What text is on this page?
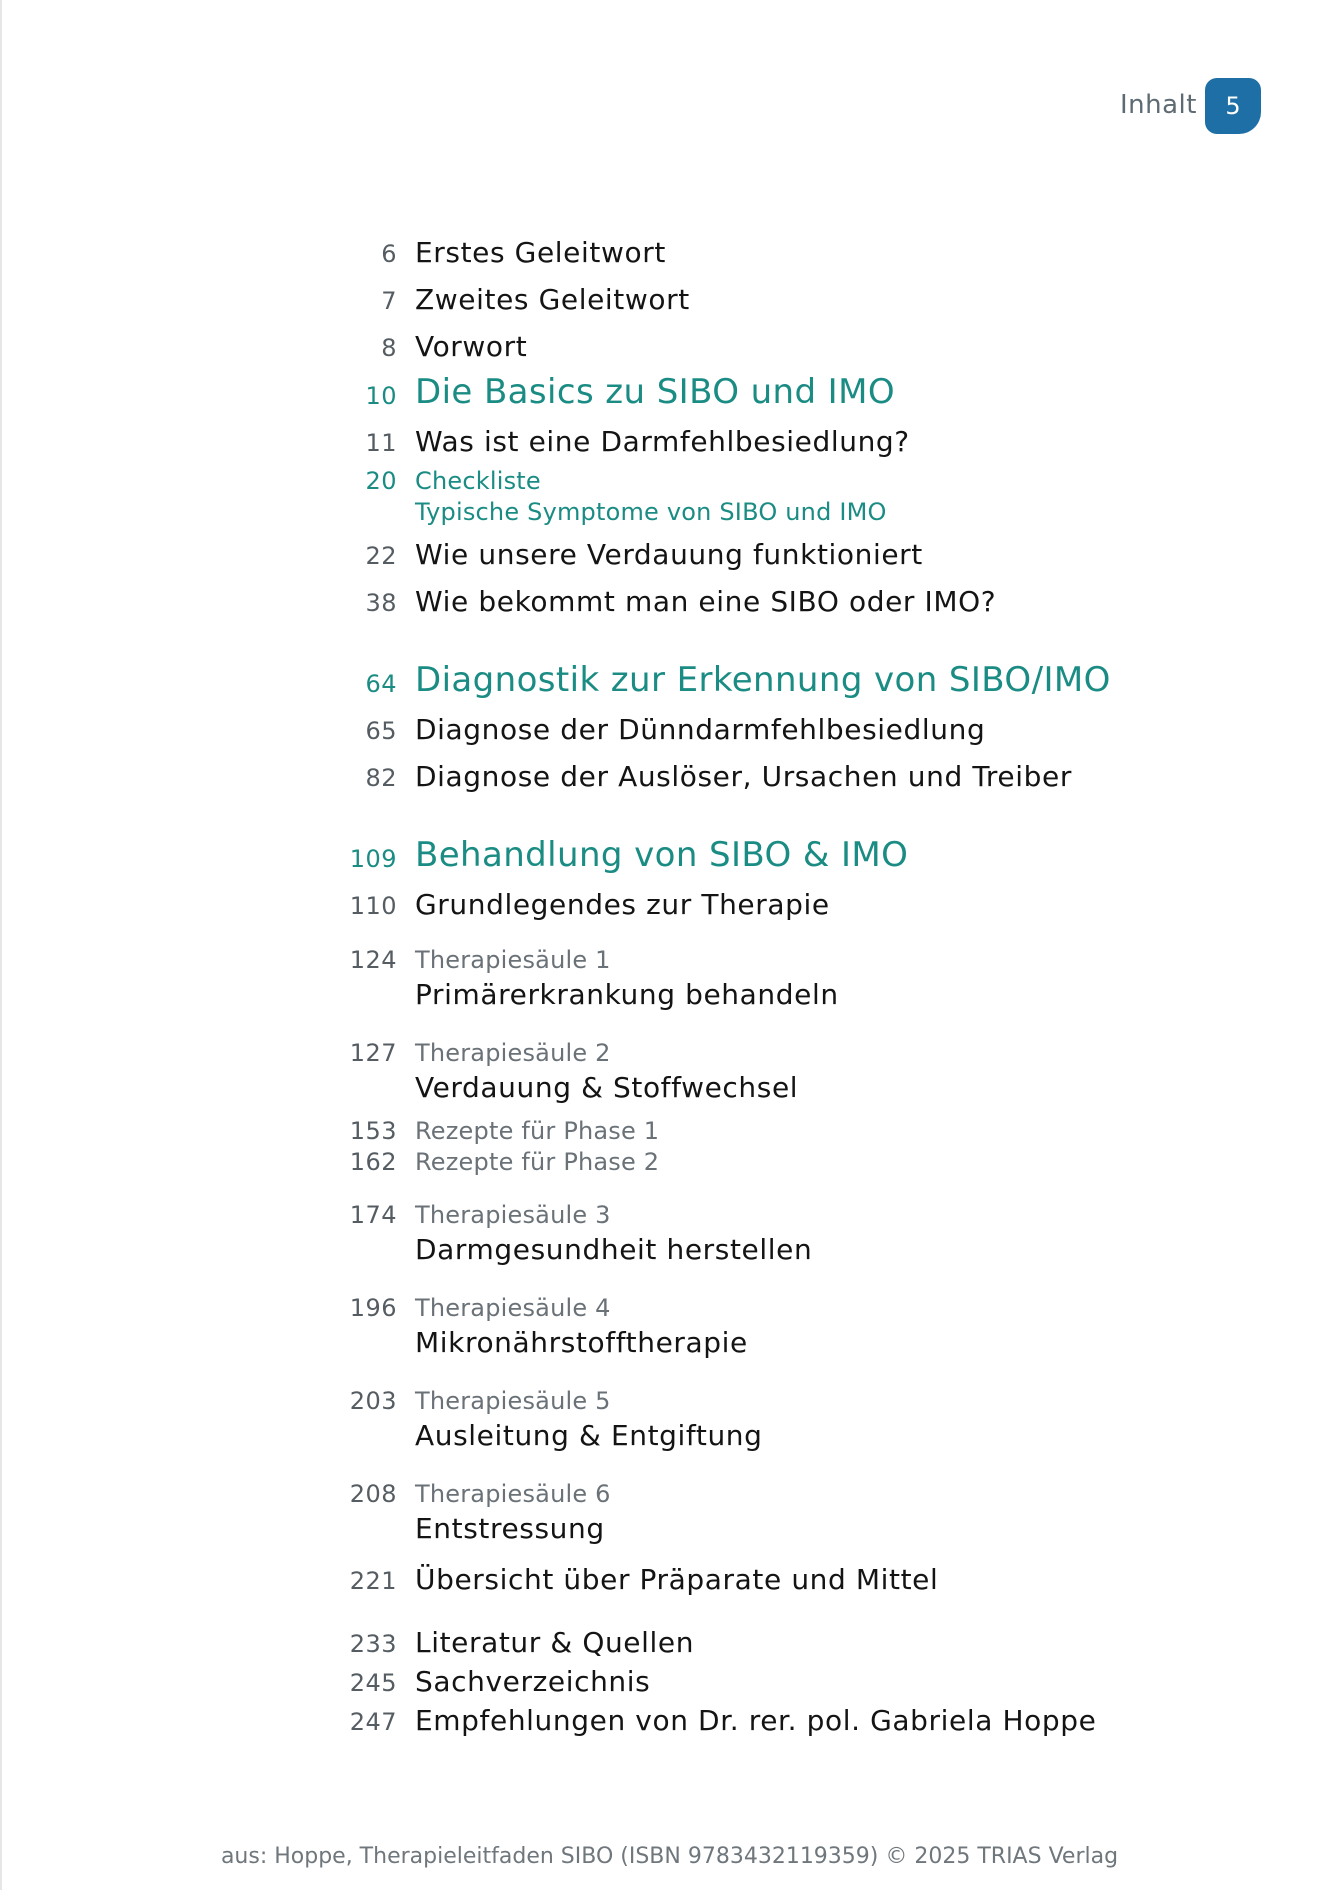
Inhalt	5
6 Erstes Geleitwort
7 Zweites Geleitwort
8 Vorwort
10 Die Basics zu SIBO und IMO
11 Was ist eine Darmfehlbesiedlung?
20 Checkliste
Typische Symptome von SIBO und IMO
22 Wie unsere Verdauung funktioniert
38 Wie bekommt man eine SIBO oder IMO?
64 Diagnostik zur Erkennung von SIBO/IMO
65 Diagnose der Dünndarmfehlbesiedlung
82 Diagnose der Auslöser, Ursachen und Treiber
109 Behandlung von SIBO & IMO
110 Grundlegendes zur Therapie
124 Therapiesäule 1
Primärerkrankung behandeln
127 Therapiesäule 2
Verdauung & Stoffwechsel
153 Rezepte für Phase 1
162 Rezepte für Phase 2
174 Therapiesäule 3
Darmgesundheit herstellen
196 Therapiesäule 4
Mikronährstofftherapie
203 Therapiesäule 5
Ausleitung & Entgiftung
208 Therapiesäule 6
Entstressung
221 Übersicht über Präparate und Mittel
233 Literatur & Quellen
245 Sachverzeichnis
247 Empfehlungen von Dr. rer. pol. Gabriela Hoppe
aus: Hoppe, Therapieleitfaden SIBO (ISBN 9783432119359) © 2025 TRIAS Verlag
